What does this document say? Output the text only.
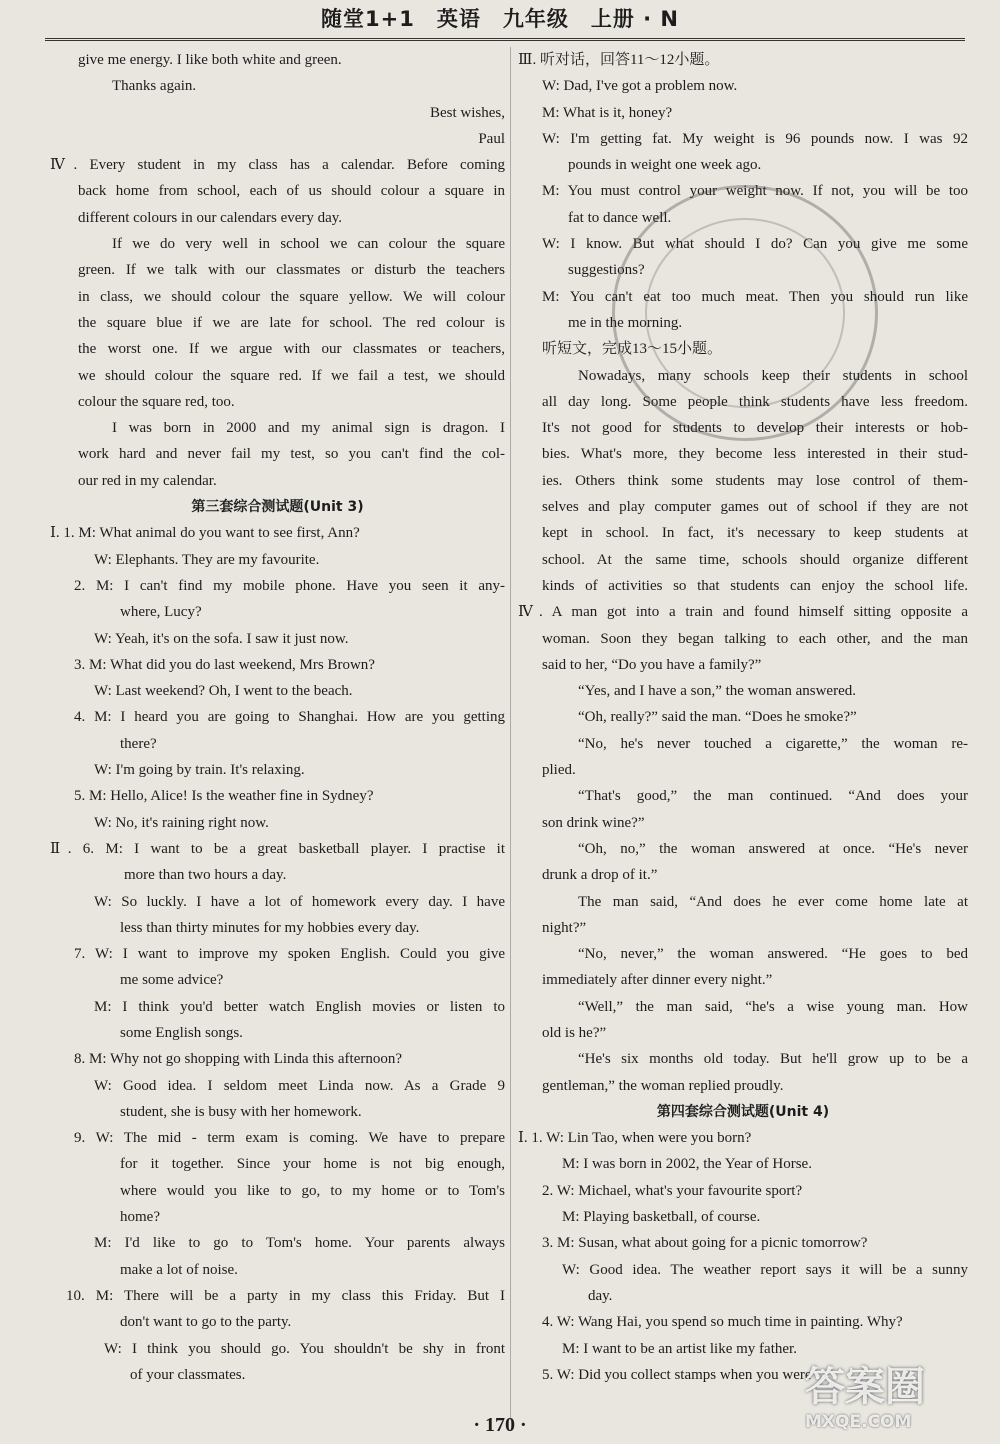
随堂1+1　英语　九年级　上册 · N
give me energy. I like both white and green.
Thanks again.
Best wishes,
Paul
Ⅳ. Every student in my class has a calendar. Before coming
back home from school, each of us should colour a square in
different colours in our calendars every day.
If we do very well in school we can colour the square
green. If we talk with our classmates or disturb the teachers
in class, we should colour the square yellow. We will colour
the square blue if we are late for school. The red colour is
the worst one. If we argue with our classmates or teachers,
we should colour the square red. If we fail a test, we should
colour the square red, too.
I was born in 2000 and my animal sign is dragon. I
work hard and never fail my test, so you can't find the col-
our red in my calendar.
第三套综合测试题(Unit 3)
Ⅰ. 1. M: What animal do you want to see first, Ann?
W: Elephants. They are my favourite.
2. M: I can't find my mobile phone. Have you seen it any-
where, Lucy?
W: Yeah, it's on the sofa. I saw it just now.
3. M: What did you do last weekend, Mrs Brown?
W: Last weekend? Oh, I went to the beach.
4. M: I heard you are going to Shanghai. How are you getting
there?
W: I'm going by train. It's relaxing.
5. M: Hello, Alice! Is the weather fine in Sydney?
W: No, it's raining right now.
Ⅱ. 6. M: I want to be a great basketball player. I practise it
more than two hours a day.
W: So luckly. I have a lot of homework every day. I have
less than thirty minutes for my hobbies every day.
7. W: I want to improve my spoken English. Could you give
me some advice?
M: I think you'd better watch English movies or listen to
some English songs.
8. M: Why not go shopping with Linda this afternoon?
W: Good idea. I seldom meet Linda now. As a Grade 9
student, she is busy with her homework.
9. W: The mid - term exam is coming. We have to prepare
for it together. Since your home is not big enough,
where would you like to go, to my home or to Tom's
home?
M: I'd like to go to Tom's home. Your parents always
make a lot of noise.
10. M: There will be a party in my class this Friday. But I
don't want to go to the party.
W: I think you should go. You shouldn't be shy in front
of your classmates.
Ⅲ. 听对话，回答11～12小题。
W: Dad, I've got a problem now.
M: What is it, honey?
W: I'm getting fat. My weight is 96 pounds now. I was 92
pounds in weight one week ago.
M: You must control your weight now. If not, you will be too
fat to dance well.
W: I know. But what should I do? Can you give me some
suggestions?
M: You can't eat too much meat. Then you should run like
me in the morning.
听短文，完成13～15小题。
Nowadays, many schools keep their students in school
all day long. Some people think students have less freedom.
It's not good for students to develop their interests or hob-
bies. What's more, they become less interested in their stud-
ies. Others think some students may lose control of them-
selves and play computer games out of school if they are not
kept in school. In fact, it's necessary to keep students at
school. At the same time, schools should organize different
kinds of activities so that students can enjoy the school life.
Ⅳ. A man got into a train and found himself sitting opposite a
woman. Soon they began talking to each other, and the man
said to her, “Do you have a family?”
“Yes, and I have a son,” the woman answered.
“Oh, really?” said the man. “Does he smoke?”
“No, he's never touched a cigarette,” the woman re-
plied.
“That's good,” the man continued. “And does your
son drink wine?”
“Oh, no,” the woman answered at once. “He's never
drunk a drop of it.”
The man said, “And does he ever come home late at
night?”
“No, never,” the woman answered. “He goes to bed
immediately after dinner every night.”
“Well,” the man said, “he's a wise young man. How
old is he?”
“He's six months old today. But he'll grow up to be a
gentleman,” the woman replied proudly.
第四套综合测试题(Unit 4)
Ⅰ. 1. W: Lin Tao, when were you born?
M: I was born in 2002, the Year of Horse.
2. W: Michael, what's your favourite sport?
M: Playing basketball, of course.
3. M: Susan, what about going for a picnic tomorrow?
W: Good idea. The weather report says it will be a sunny
day.
4. W: Wang Hai, you spend so much time in painting. Why?
M: I want to be an artist like my father.
5. W: Did you collect stamps when you were
· 170 ·
答案圈
MXQE.COM
